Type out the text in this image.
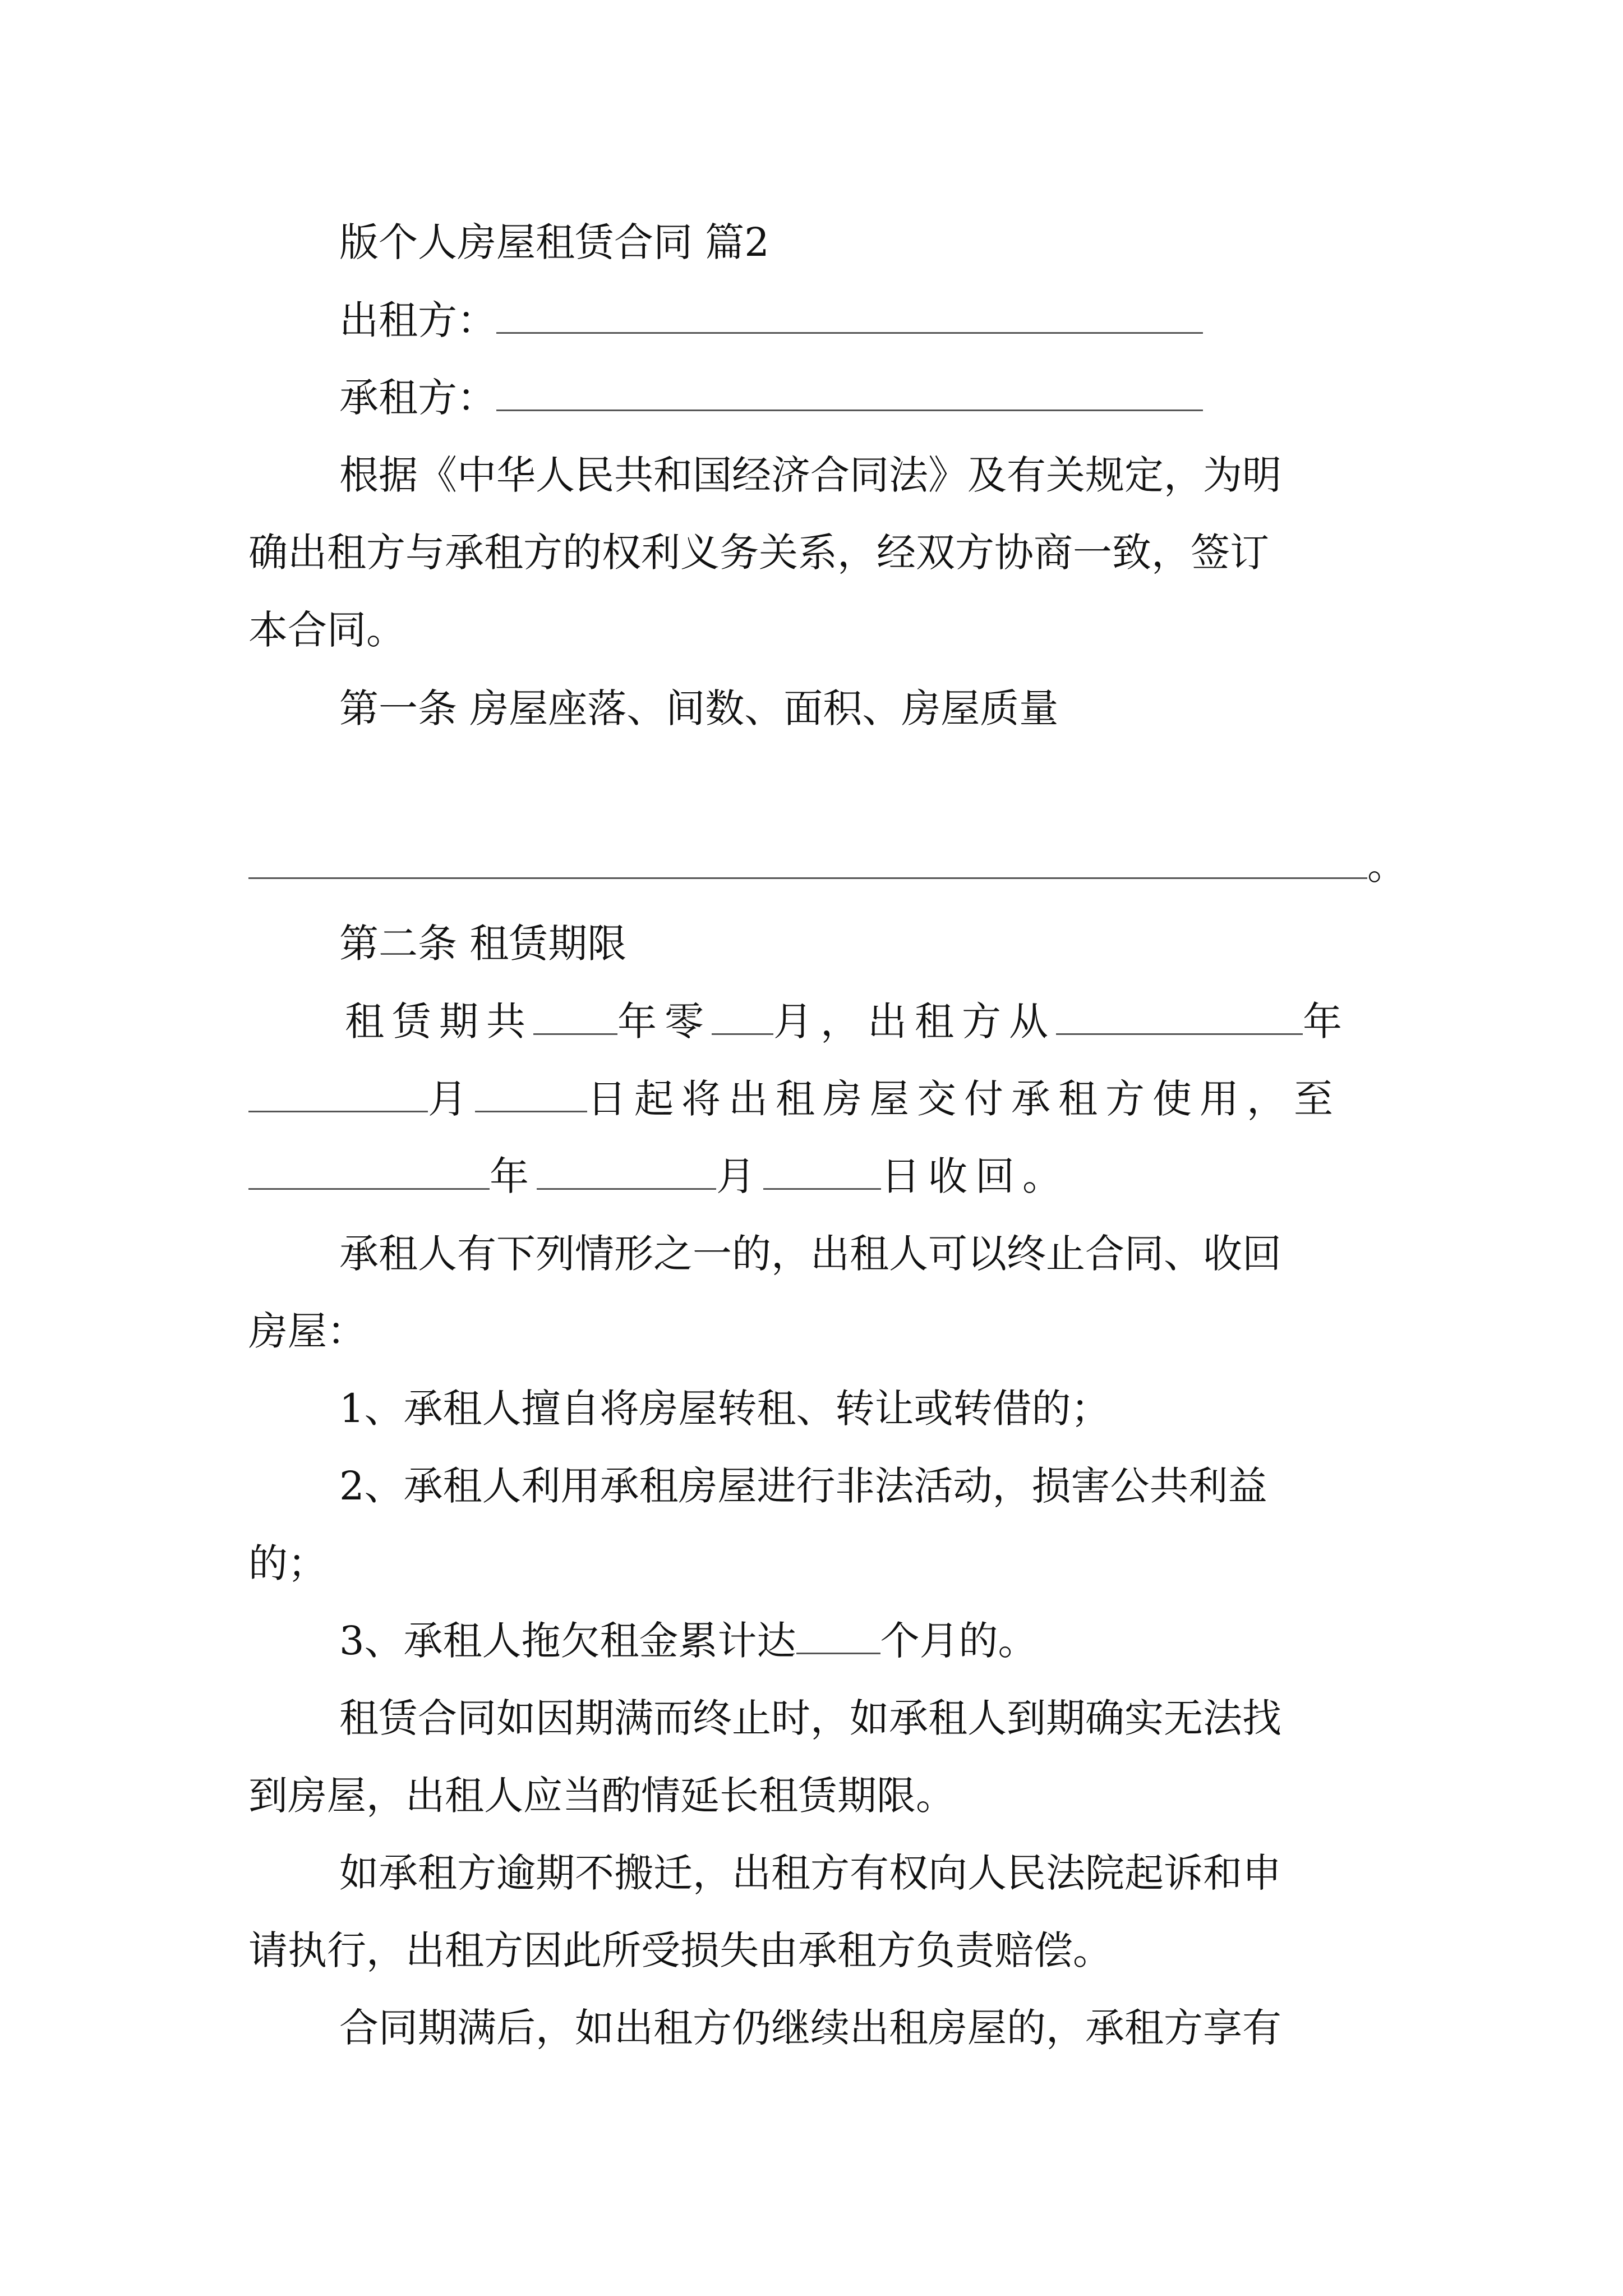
版个人房屋租赁合同 篇2
出租方：
承租方：
根据《中华人民共和国经济合同法》及有关规定，为明
确出租方与承租方的权利义务关系，经双方协商一致，签订
本合同。
第一条 房屋座落、间数、面积、房屋质量
。
第二条 租赁期限
租赁期共 年零 月，出租方从	年
月	日起将出租房屋交付承租方使用，至
年	月	日收回。
承租人有下列情形之一的，出租人可以终止合同、收回
房屋：
1、承租人擅自将房屋转租、转让或转借的；
2、承租人利用承租房屋进行非法活动，损害公共利益
的；
3、承租人拖欠租金累计达 个月的。
租赁合同如因期满而终止时，如承租人到期确实无法找
到房屋，出租人应当酌情延长租赁期限。
如承租方逾期不搬迁，出租方有权向人民法院起诉和申
请执行，出租方因此所受损失由承租方负责赔偿。
合同期满后，如出租方仍继续出租房屋的，承租方享有
